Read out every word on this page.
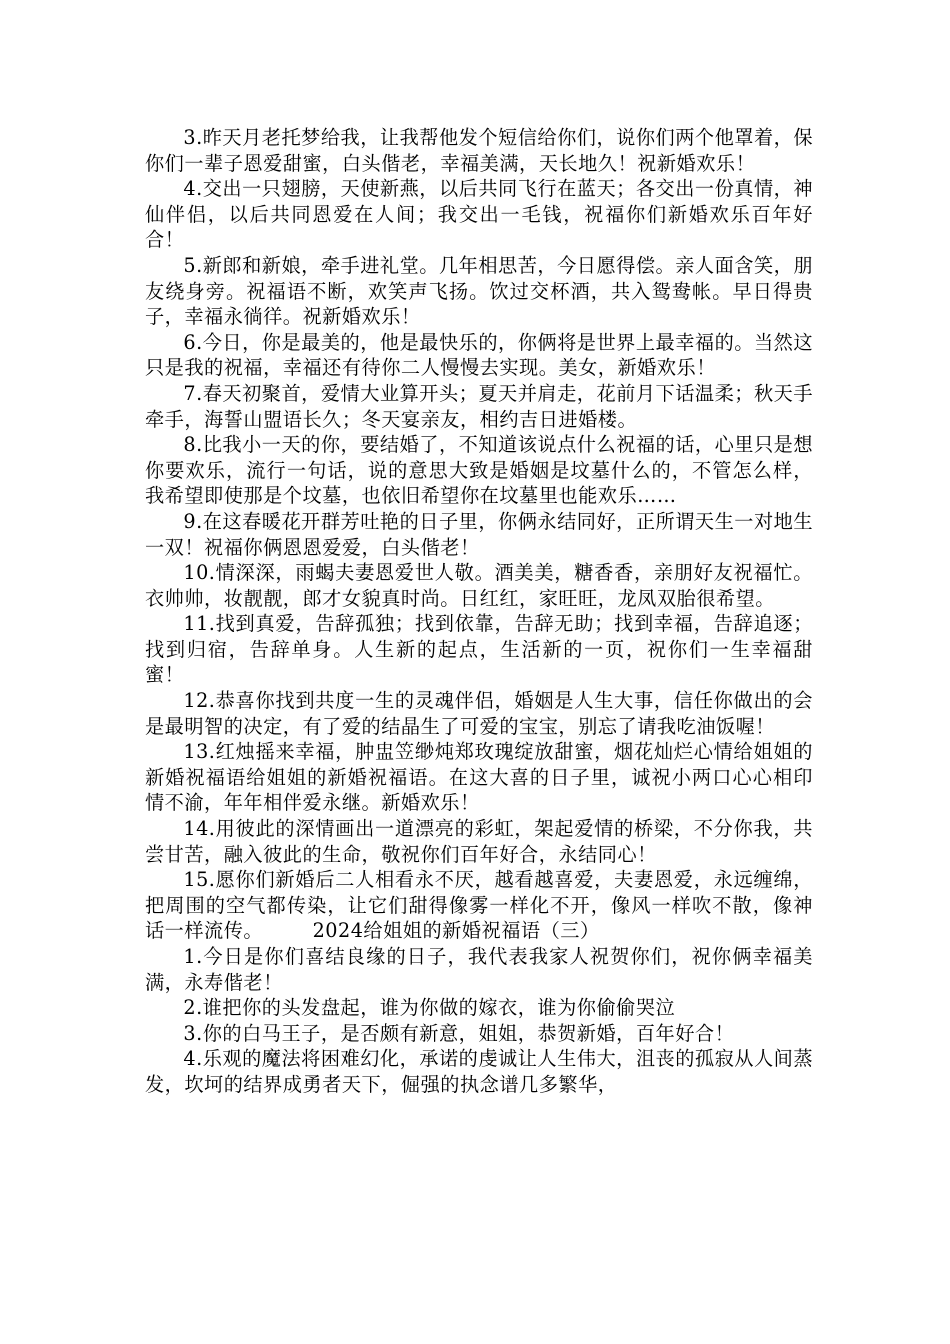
3.昨天月老托梦给我，让我帮他发个短信给你们，说你们两个他罩着，保你们一辈子恩爱甜蜜，白头偕老，幸福美满，天长地久！祝新婚欢乐！

4.交出一只翅膀，天使新燕，以后共同飞行在蓝天；各交出一份真情，神仙伴侣，以后共同恩爱在人间；我交出一毛钱，祝福你们新婚欢乐百年好合！

5.新郎和新娘，牵手进礼堂。几年相思苦，今日愿得偿。亲人面含笑，朋友绕身旁。祝福语不断，欢笑声飞扬。饮过交杯酒，共入鸳鸯帐。早日得贵子，幸福永徜徉。祝新婚欢乐！

6.今日，你是最美的，他是最快乐的，你俩将是世界上最幸福的。当然这只是我的祝福，幸福还有待你二人慢慢去实现。美女，新婚欢乐！

7.春天初聚首，爱情大业算开头；夏天并肩走，花前月下话温柔；秋天手牵手，海誓山盟语长久；冬天宴亲友，相约吉日进婚楼。

8.比我小一天的你，要结婚了，不知道该说点什么祝福的话，心里只是想你要欢乐，流行一句话，说的意思大致是婚姻是坟墓什么的，不管怎么样，我希望即使那是个坟墓，也依旧希望你在坟墓里也能欢乐……

9.在这春暖花开群芳吐艳的日子里，你俩永结同好，正所谓天生一对地生一双！祝福你俩恩恩爱爱，白头偕老！

10.情深深，雨蝎夫妻恩爱世人敬。酒美美，糖香香，亲朋好友祝福忙。衣帅帅，妆靓靓，郎才女貌真时尚。日红红，家旺旺，龙凤双胎很希望。

11.找到真爱，告辞孤独；找到依靠，告辞无助；找到幸福，告辞追逐；找到归宿，告辞单身。人生新的起点，生活新的一页，祝你们一生幸福甜蜜！

12.恭喜你找到共度一生的灵魂伴侣，婚姻是人生大事，信任你做出的会是最明智的决定，有了爱的结晶生了可爱的宝宝，别忘了请我吃油饭喔！

13.红烛摇来幸福，肿盅笠缈炖郑玫瑰绽放甜蜜，烟花灿烂心情给姐姐的新婚祝福语给姐姐的新婚祝福语。在这大喜的日子里，诚祝小两口心心相印情不渝，年年相伴爱永继。新婚欢乐！

14.用彼此的深情画出一道漂亮的彩虹，架起爱情的桥梁，不分你我，共尝甘苦，融入彼此的生命，敬祝你们百年好合，永结同心！

15.愿你们新婚后二人相看永不厌，越看越喜爱，夫妻恩爱，永远缠绵，把周围的空气都传染，让它们甜得像雾一样化不开，像风一样吹不散，像神话一样流传。　　　2024给姐姐的新婚祝福语（三）

1.今日是你们喜结良缘的日子，我代表我家人祝贺你们，祝你俩幸福美满，永寿偕老！

2.谁把你的头发盘起，谁为你做的嫁衣，谁为你偷偷哭泣

3.你的白马王子，是否颇有新意，姐姐，恭贺新婚，百年好合！

4.乐观的魔法将困难幻化，承诺的虔诚让人生伟大，沮丧的孤寂从人间蒸发，坎坷的结界成勇者天下，倔强的执念谱几多繁华，
